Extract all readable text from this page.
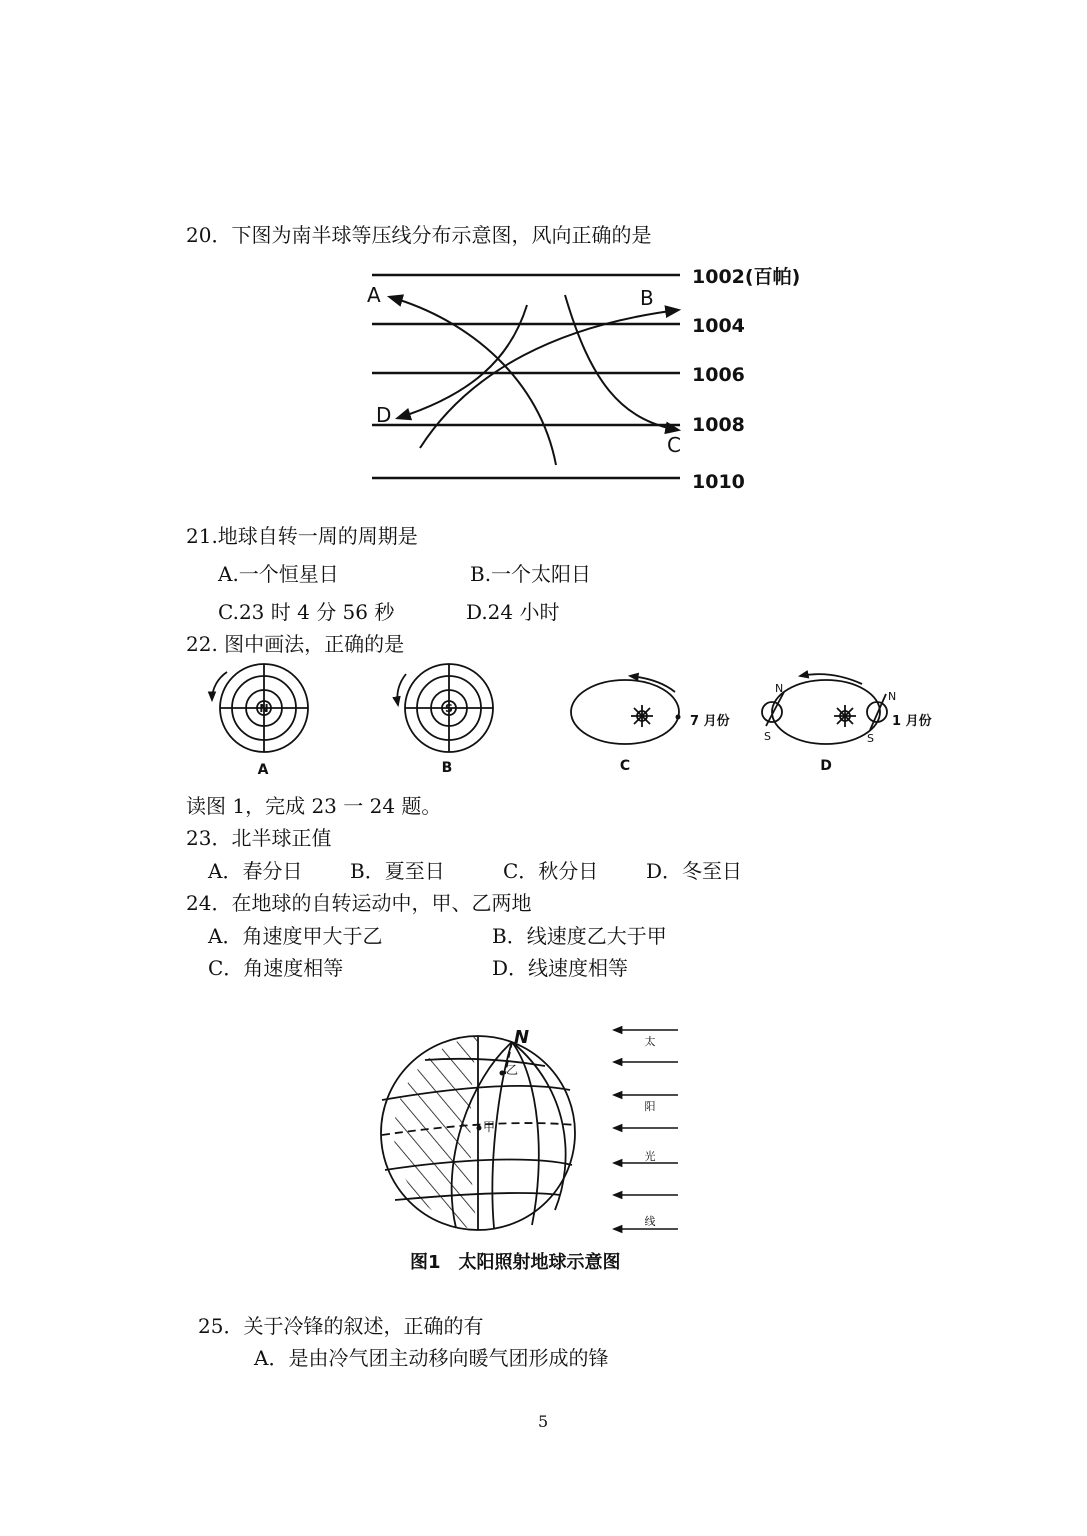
20．下图为南半球等压线分布示意图，风向正确的是
1002(百帕)
1004
1006
1008
1010
A	B
C
D
21.地球自转一周的周期是
A.一个恒星日	B.一个太阳日
C.23 时 4 分 56 秒	D.24 小时
22. 图中画法，正确的是
N
A
S
B
7 月份
C
N
S
N
S
1 月份
D
读图 1，完成 23 一 24 题。
23．北半球正值
A．春分日 B．夏至日	C．秋分日 D．冬至日
24．在地球的自转运动中，甲、乙两地
A．角速度甲大于乙	B．线速度乙大于甲
C．角速度相等	D．线速度相等
N
乙
甲
太
阳
光
线
图1　太阳照射地球示意图
25．关于冷锋的叙述，正确的有
A．是由冷气团主动移向暖气团形成的锋
5
